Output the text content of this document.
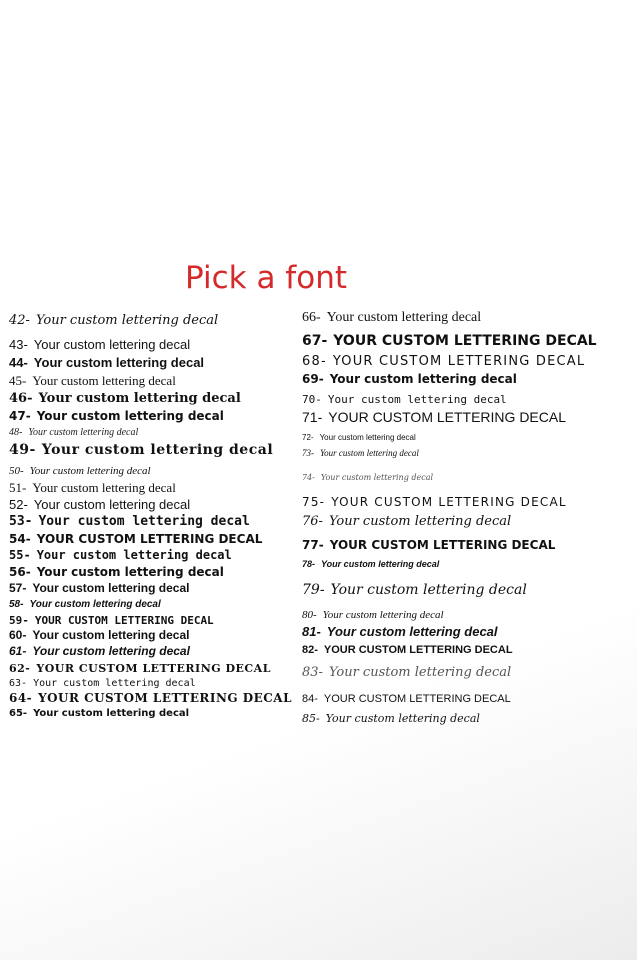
Pick a font
42- Your custom lettering decal
43- Your custom lettering decal
44- Your custom lettering decal
45- Your custom lettering decal
46- Your custom lettering decal
47- Your custom lettering decal
48- Your custom lettering decal
49- Your custom lettering decal
50- Your custom lettering decal
51- Your custom lettering decal
52- Your custom lettering decal
53- Your custom lettering decal
54- YOUR CUSTOM LETTERING DECAL
55- Your custom lettering decal
56- Your custom lettering decal
57- Your custom lettering decal
58- Your custom lettering decal
59- YOUR CUSTOM LETTERING DECAL
60- Your custom lettering decal
61- Your custom lettering decal
62- YOUR CUSTOM LETTERING DECAL
63- Your custom lettering decal
64- YOUR CUSTOM LETTERING DECAL
65- Your custom lettering decal
66- Your custom lettering decal
67- YOUR CUSTOM LETTERING DECAL
68- YOUR CUSTOM LETTERING DECAL
69- Your custom lettering decal
70- Your custom lettering decal
71- YOUR CUSTOM LETTERING DECAL
72- Your custom lettering decal
73- Your custom lettering decal
74- Your custom lettering decal
75- YOUR CUSTOM LETTERING DECAL
76- Your custom lettering decal
77- YOUR CUSTOM LETTERING DECAL
78- Your custom lettering decal
79- Your custom lettering decal
80- Your custom lettering decal
81- Your custom lettering decal
82- YOUR CUSTOM LETTERING DECAL
83- Your custom lettering decal
84- YOUR CUSTOM LETTERING DECAL
85- Your custom lettering decal
